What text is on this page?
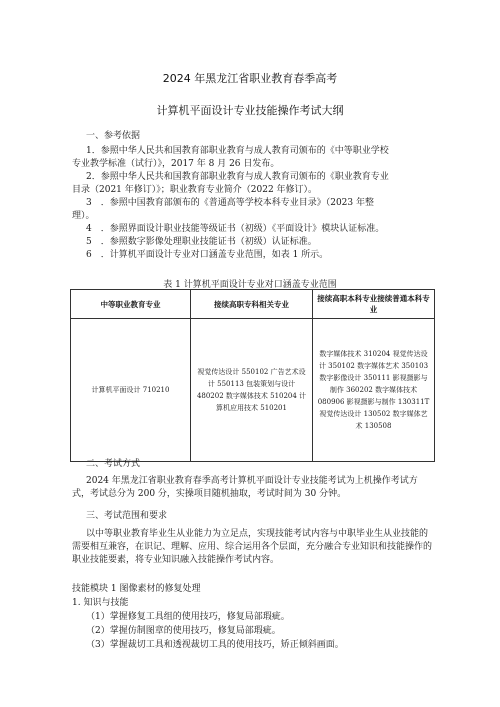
2024 年黑龙江省职业教育春季高考
计算机平面设计专业技能操作考试大纲
一、参考依据
1．参照中华人民共和国教育部职业教育与成人教育司颁布的《中等职业学校
专业教学标准（试行）》，2017 年 8 月 26 日发布。
2．参照中华人民共和国教育部职业教育与成人教育司颁布的《职业教育专业
目录（2021 年修订）》；职业教育专业简介（2022 年修订）。
3　．参照中国教育部颁布的《普通高等学校本科专业目录》（2023 年整
理）。
4　．参照界面设计职业技能等级证书（初级）《平面设计》模块认证标准。
5　．参照数字影像处理职业技能证书（初级）认证标准。
6　．计算机平面设计专业对口涵盖专业范围，如表 1 所示。
表 1 计算机平面设计专业对口涵盖专业范围
中等职业教育专业	接续高职专科相关专业	接续高职本科专业接续普通本科专业
计算机平面设计 710210	视觉传达设计 550102 广告艺术设计 550113 包装策划与设计 480202 数字媒体技术 510204 计算机应用技术 510201	数字媒体技术 310204 视觉传达设计 350102 数字媒体艺术 350103 数字影像设计 350111 影视摄影与制作 360202 数字媒体技术 080906 影视摄影与制作 130311T 视觉传达设计 130502 数字媒体艺术 130508
二、考试方式
2024 年黑龙江省职业教育春季高考计算机平面设计专业技能考试为上机操作考试方式，考试总分为 200 分，实操项目随机抽取，考试时间为 30 分钟。
三、考试范围和要求
以中等职业教育毕业生从业能力为立足点，实现技能考试内容与中职毕业生从业技能的需要相互兼容，在识记、理解、应用、综合运用各个层面，充分融合专业知识和技能操作的职业技能要素，将专业知识融入技能操作考试内容。
技能模块 1 图像素材的修复处理
1. 知识与技能
（1）掌握修复工具组的使用技巧，修复局部瑕疵。
（2）掌握仿制图章的使用技巧，修复局部瑕疵。
（3）掌握裁切工具和透视裁切工具的使用技巧，矫正倾斜画面。
